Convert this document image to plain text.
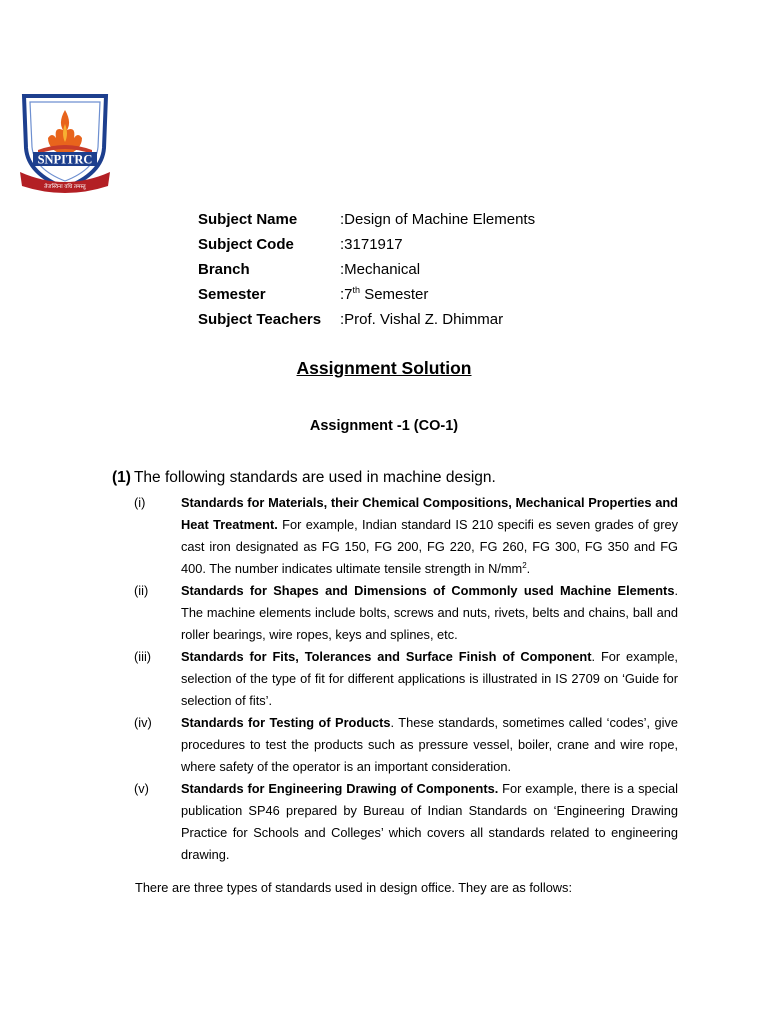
SNPITRC
तेजस्विना वधि तमस्तु
Subject Name	:Design of Machine Elements
Subject Code	:3171917
Branch	:Mechanical
Semester	:7th Semester
Subject Teachers :Prof. Vishal Z. Dhimmar
Assignment Solution
Assignment -1 (CO-1)
(1) The following standards are used in machine design.
(i)	Standards for Materials, their Chemical Compositions, Mechanical Properties and Heat Treatment. For example, Indian standard IS 210 specifi es seven grades of grey cast iron designated as FG 150, FG 200, FG 220, FG 260, FG 300, FG 350 and FG 400. The number indicates ultimate tensile strength in $N/mm^2$.
(ii)	Standards for Shapes and Dimensions of Commonly used Machine Elements. The machine elements include bolts, screws and nuts, rivets, belts and chains, ball and roller bearings, wire ropes, keys and splines, etc.
(iii) Standards for Fits, Tolerances and Surface Finish of Component. For example, selection of the type of fit for different applications is illustrated in IS 2709 on ‘Guide for selection of fits’.
(iv) Standards for Testing of Products. These standards, sometimes called ‘codes’, give procedures to test the products such as pressure vessel, boiler, crane and wire rope, where safety of the operator is an important consideration.
(v)	Standards for Engineering Drawing of Components. For example, there is a special publication SP46 prepared by Bureau of Indian Standards on ‘Engineering Drawing Practice for Schools and Colleges’ which covers all standards related to engineering drawing.
There are three types of standards used in design office. They are as follows:
